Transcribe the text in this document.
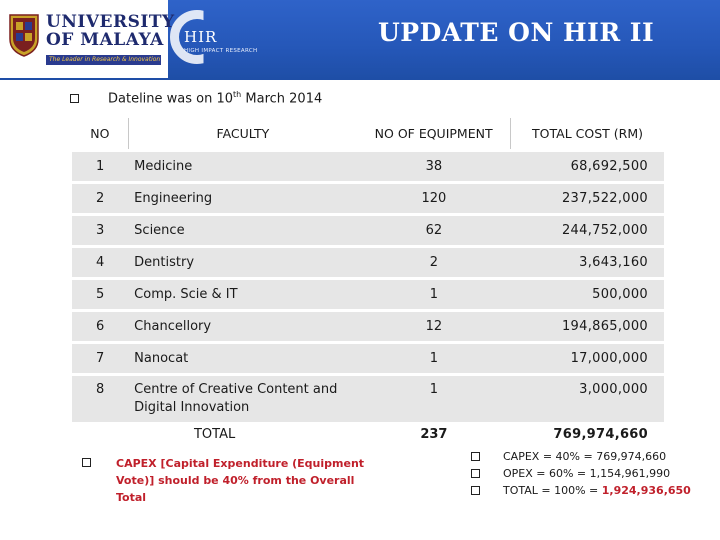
UNIVERSITY
OF MALAYA
The Leader in Research & Innovation
HIR
HIGH IMPACT RESEARCH
UPDATE ON HIR II
Dateline was on 10th March 2014
NO	FACULTY	NO OF EQUIPMENT	TOTAL COST (RM)
1	Medicine	38	68,692,500
2	Engineering	120	237,522,000
3	Science	62	244,752,000
4	Dentistry	2	3,643,160
5	Comp. Scie & IT	1	500,000
6	Chancellory	12	194,865,000
7	Nanocat	1	17,000,000
8	Centre of Creative Content and Digital Innovation	1	3,000,000
TOTAL		237	769,974,660
CAPEX [Capital Expenditure (Equipment Vote)] should be 40% from the Overall Total
CAPEX = 40% = 769,974,660
OPEX = 60% = 1,154,961,990
TOTAL = 100% = 1,924,936,650
